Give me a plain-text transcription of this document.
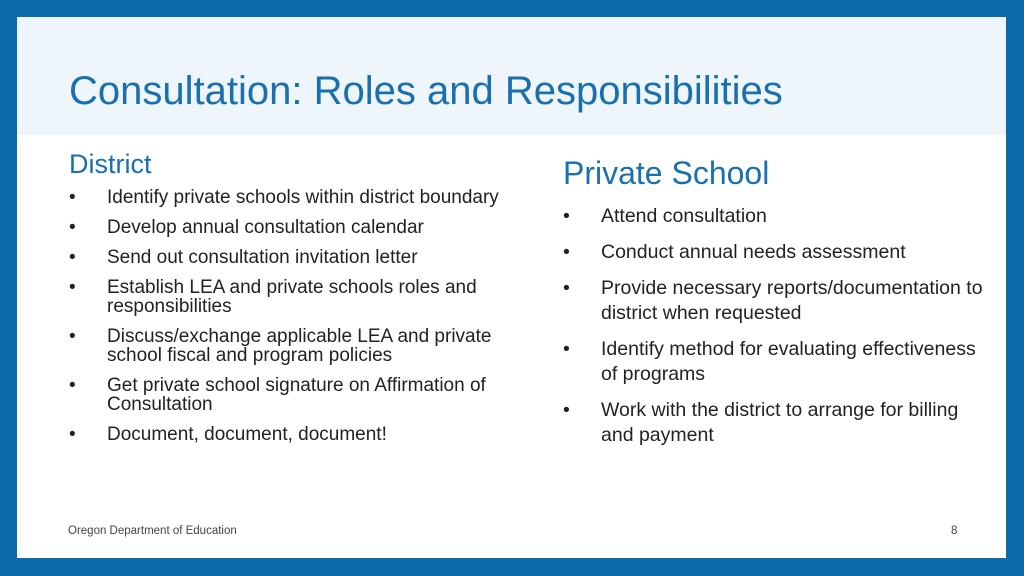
Consultation: Roles and Responsibilities
District
• Identify private schools within district boundary
• Develop annual consultation calendar
• Send out consultation invitation letter
• Establish LEA and private schools roles and responsibilities
• Discuss/exchange applicable LEA and private school fiscal and program policies
• Get private school signature on Affirmation of Consultation
• Document, document, document!
Private School
• Attend consultation
• Conduct annual needs assessment
• Provide necessary reports/documentation to district when requested
• Identify method for evaluating effectiveness of programs
• Work with the district to arrange for billing and payment
Oregon Department of Education	8
